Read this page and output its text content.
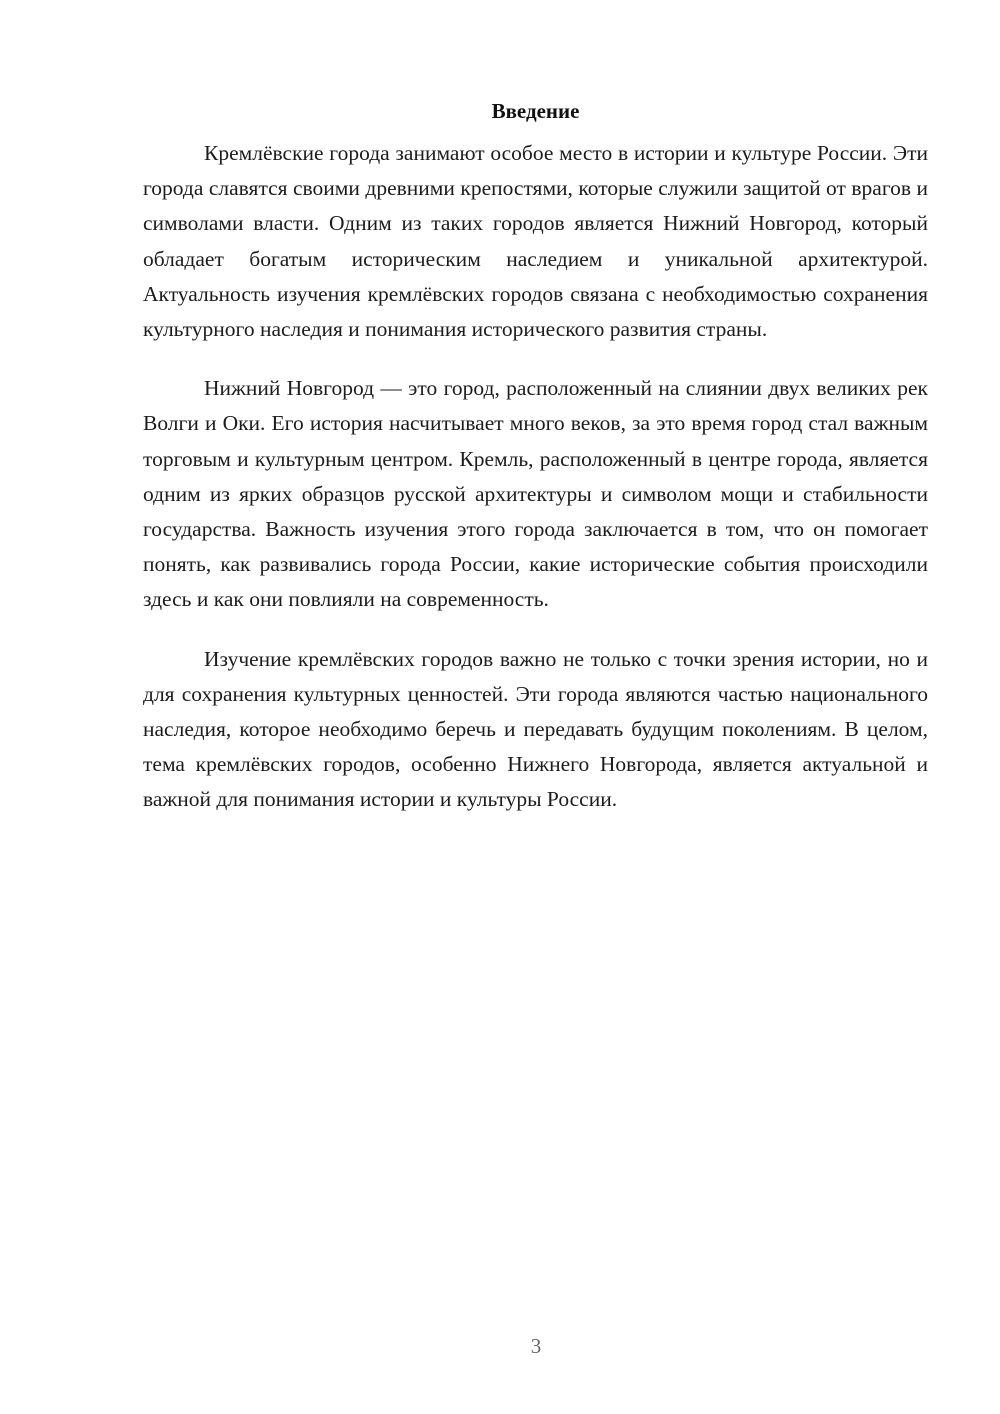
Введение

Кремлёвские города занимают особое место в истории и культуре России. Эти города славятся своими древними крепостями, которые служили защитой от врагов и символами власти. Одним из таких городов является Нижний Новгород, который обладает богатым историческим наследием и уникальной архитектурой. Актуальность изучения кремлёвских городов связана с необходимостью сохранения культурного наследия и понимания исторического развития страны.

Нижний Новгород — это город, расположенный на слиянии двух великих рек Волги и Оки. Его история насчитывает много веков, за это время город стал важным торговым и культурным центром. Кремль, расположенный в центре города, является одним из ярких образцов русской архитектуры и символом мощи и стабильности государства. Важность изучения этого города заключается в том, что он помогает понять, как развивались города России, какие исторические события происходили здесь и как они повлияли на современность.

Изучение кремлёвских городов важно не только с точки зрения истории, но и для сохранения культурных ценностей. Эти города являются частью национального наследия, которое необходимо беречь и передавать будущим поколениям. В целом, тема кремлёвских городов, особенно Нижнего Новгорода, является актуальной и важной для понимания истории и культуры России.

3
